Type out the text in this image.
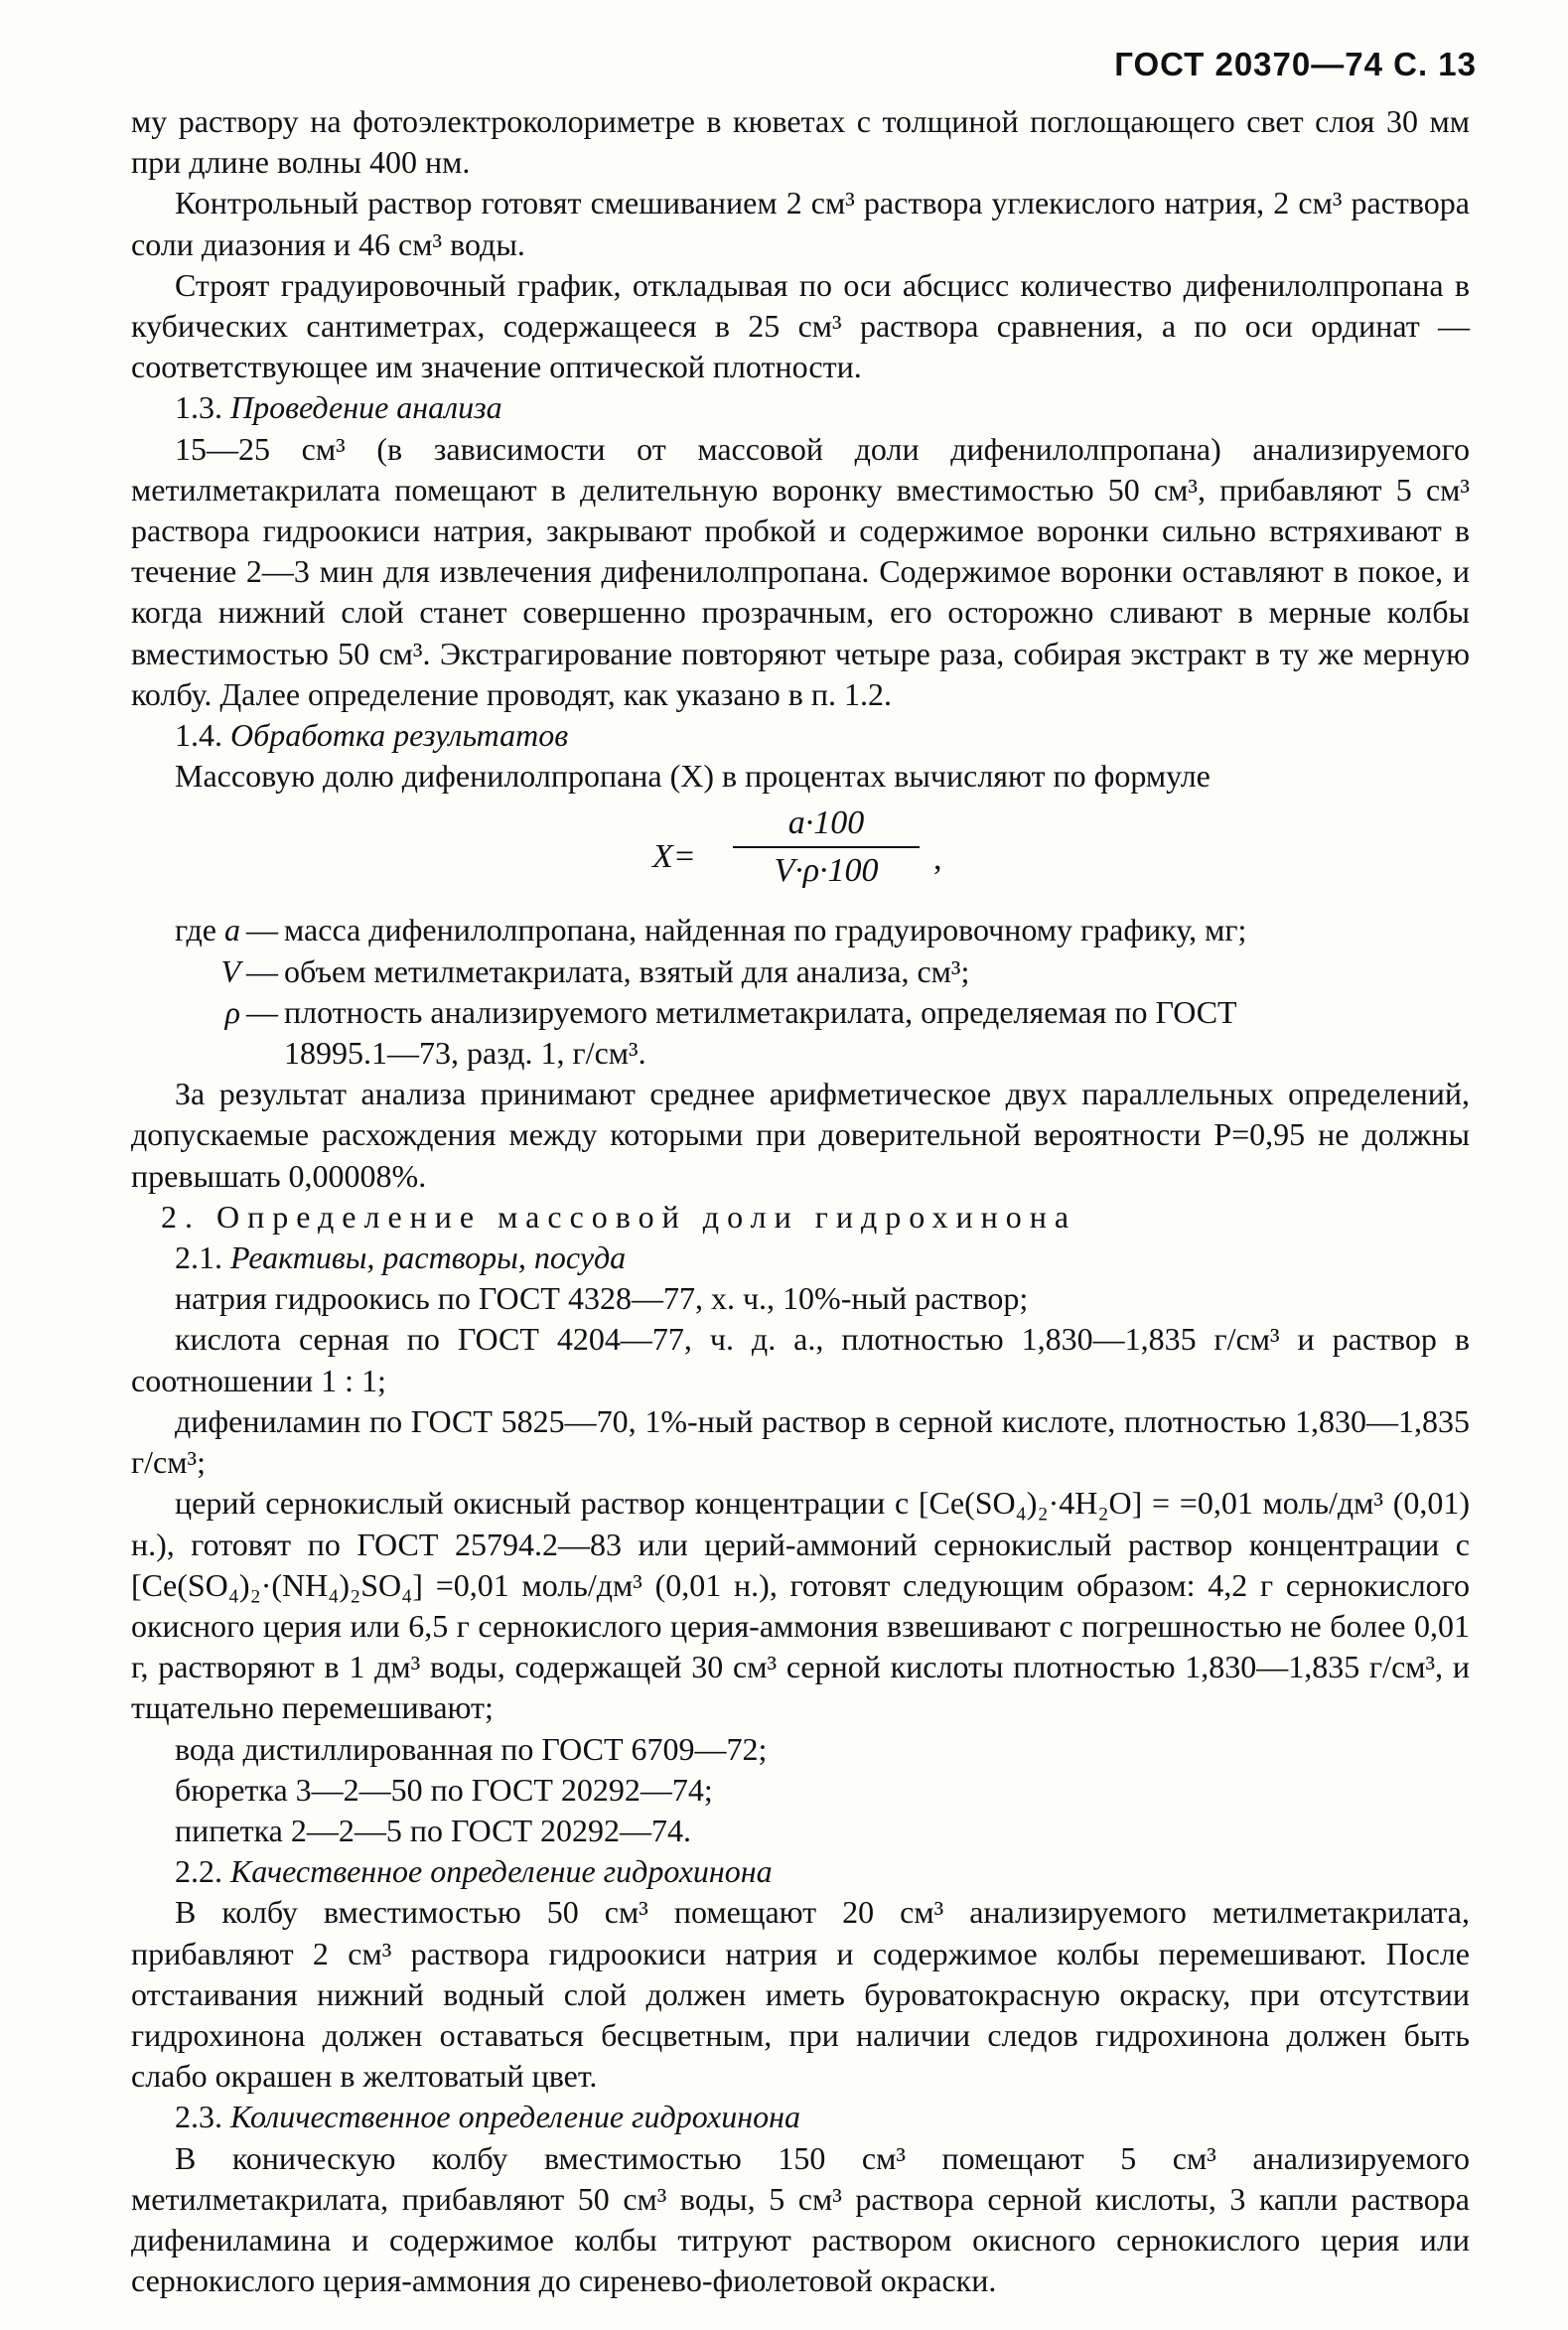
ГОСТ 20370—74 С. 13

му раствору на фотоэлектроколориметре в кюветах с толщиной поглощающего свет слоя 30 мм при длине волны 400 нм.

Контрольный раствор готовят смешиванием 2 см³ раствора углекислого натрия, 2 см³ раствора соли диазония и 46 см³ воды.

Строят градуировочный график, откладывая по оси абсцисс количество дифенилолпропана в кубических сантиметрах, содержащееся в 25 см³ раствора сравнения, а по оси ординат — соответствующее им значение оптической плотности.

1.3. Проведение анализа

15—25 см³ (в зависимости от массовой доли дифенилолпропана) анализируемого метилметакрилата помещают в делительную воронку вместимостью 50 см³, прибавляют 5 см³ раствора гидроокиси натрия, закрывают пробкой и содержимое воронки сильно встряхивают в течение 2—3 мин для извлечения дифенилолпропана. Содержимое воронки оставляют в покое, и когда нижний слой станет совершенно прозрачным, его осторожно сливают в мерные колбы вместимостью 50 см³. Экстрагирование повторяют четыре раза, собирая экстракт в ту же мерную колбу. Далее определение проводят, как указано в п. 1.2.

1.4. Обработка результатов

Массовую долю дифенилолпропана (X) в процентах вычисляют по формуле

X=
a·100
V·ρ·100	,
где a — масса дифенилолпропана, найденная по градуировочному графику, мг;
V — объем метилметакрилата, взятый для анализа, см³;
ρ — плотность анализируемого метилметакрилата, определяемая по ГОСТ
18995.1—73, разд. 1, г/см³.

За результат анализа принимают среднее арифметическое двух параллельных определений, допускаемые расхождения между которыми при доверительной вероятности P=0,95 не должны превышать 0,00008%.

2. Определение массовой доли гидрохинона

2.1. Реактивы, растворы, посуда

натрия гидроокись по ГОСТ 4328—77, х. ч., 10%-ный раствор;

кислота серная по ГОСТ 4204—77, ч. д. а., плотностью 1,830—1,835 г/см³ и раствор в соотношении 1 : 1;

дифениламин по ГОСТ 5825—70, 1%-ный раствор в серной кислоте, плотностью 1,830—1,835 г/см³;

церий сернокислый окисный раствор концентрации c [Ce(SO₄)₂·4H₂O] = =0,01 моль/дм³ (0,01) н.), готовят по ГОСТ 25794.2—83 или церий-аммоний сернокислый раствор концентрации c [Ce(SO₄)₂·(NH₄)₂SO₄] =0,01 моль/дм³ (0,01 н.), готовят следующим образом: 4,2 г сернокислого окисного церия или 6,5 г сернокислого церия-аммония взвешивают с погрешностью не более 0,01 г, растворяют в 1 дм³ воды, содержащей 30 см³ серной кислоты плотностью 1,830—1,835 г/см³, и тщательно перемешивают;

вода дистиллированная по ГОСТ 6709—72;

бюретка 3—2—50 по ГОСТ 20292—74;

пипетка 2—2—5 по ГОСТ 20292—74.

2.2. Качественное определение гидрохинона

В колбу вместимостью 50 см³ помещают 20 см³ анализируемого метилметакрилата, прибавляют 2 см³ раствора гидроокиси натрия и содержимое колбы перемешивают. После отстаивания нижний водный слой должен иметь буроватокрасную окраску, при отсутствии гидрохинона должен оставаться бесцветным, при наличии следов гидрохинона должен быть слабо окрашен в желтоватый цвет.

2.3. Количественное определение гидрохинона

В коническую колбу вместимостью 150 см³ помещают 5 см³ анализируемого метилметакрилата, прибавляют 50 см³ воды, 5 см³ раствора серной кислоты, 3 капли раствора дифениламина и содержимое колбы титруют раствором окисного сернокислого церия или сернокислого церия-аммония до сиреневo-фиолетовой окраски.
